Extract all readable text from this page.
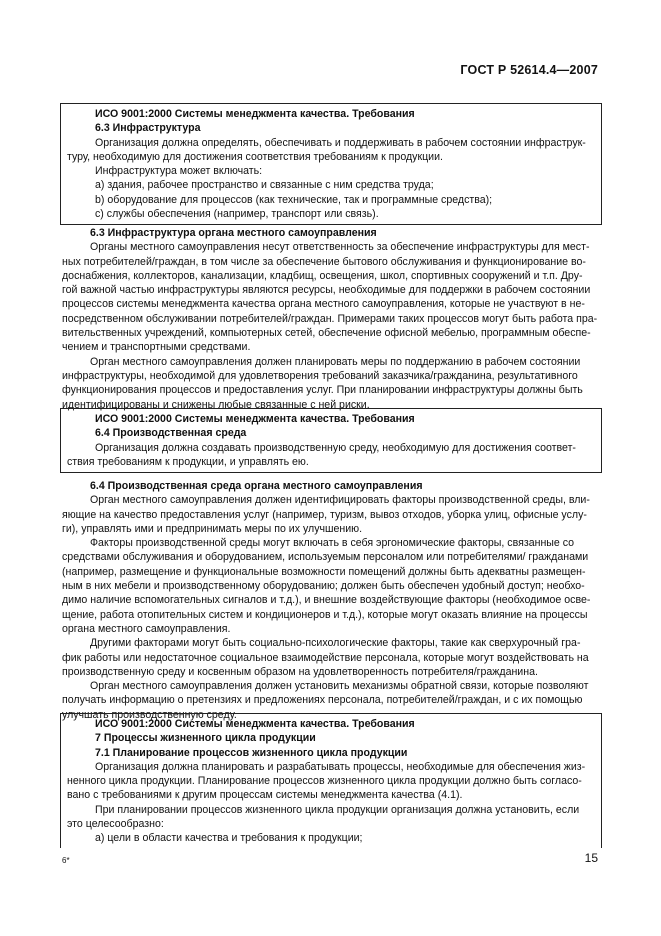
ГОСТ Р 52614.4—2007
ИСО 9001:2000 Системы менеджмента качества. Требования
6.3 Инфраструктура
Организация должна определять, обеспечивать и поддерживать в рабочем состоянии инфраструк-
туру, необходимую для достижения соответствия требованиям к продукции.
Инфраструктура может включать:
а) здания, рабочее пространство и связанные с ним средства труда;
b) оборудование для процессов (как технические, так и программные средства);
с) службы обеспечения (например, транспорт или связь).
6.3 Инфраструктура органа местного самоуправления
Органы местного самоуправления несут ответственность за обеспечение инфраструктуры для мест-
ных потребителей/граждан, в том числе за обеспечение бытового обслуживания и функционирование во-
доснабжения, коллекторов, канализации, кладбищ, освещения, школ, спортивных сооружений и т.п. Дру-
гой важной частью инфраструктуры являются ресурсы, необходимые для поддержки в рабочем состоянии
процессов системы менеджмента качества органа местного самоуправления, которые не участвуют в не-
посредственном обслуживании потребителей/граждан. Примерами таких процессов могут быть работа пра-
вительственных учреждений, компьютерных сетей, обеспечение офисной мебелью, программным обеспе-
чением и транспортными средствами.
Орган местного самоуправления должен планировать меры по поддержанию в рабочем состоянии
инфраструктуры, необходимой для удовлетворения требований заказчика/гражданина, результативного
функционирования процессов и предоставления услуг. При планировании инфраструктуры должны быть
идентифицированы и снижены любые связанные с ней риски.
ИСО 9001:2000 Системы менеджмента качества. Требования
6.4 Производственная среда
Организация должна создавать производственную среду, необходимую для достижения соответ-
ствия требованиям к продукции, и управлять ею.
6.4 Производственная среда органа местного самоуправления
Орган местного самоуправления должен идентифицировать факторы производственной среды, вли-
яющие на качество предоставления услуг (например, туризм, вывоз отходов, уборка улиц, офисные услу-
ги), управлять ими и предпринимать меры по их улучшению.
Факторы производственной среды могут включать в себя эргономические факторы, связанные со
средствами обслуживания и оборудованием, используемым персоналом или потребителями/ гражданами
(например, размещение и функциональные возможности помещений должны быть адекватны размещен-
ным в них мебели и производственному оборудованию; должен быть обеспечен удобный доступ; необхо-
димо наличие вспомогательных сигналов и т.д.), и внешние воздействующие факторы (необходимое осве-
щение, работа отопительных систем и кондиционеров и т.д.), которые могут оказать влияние на процессы
органа местного самоуправления.
Другими факторами могут быть социально-психологические факторы, такие как сверхурочный гра-
фик работы или недостаточное социальное взаимодействие персонала, которые могут воздействовать на
производственную среду и косвенным образом на удовлетворенность потребителя/гражданина.
Орган местного самоуправления должен установить механизмы обратной связи, которые позволяют
получать информацию о претензиях и предложениях персонала, потребителей/граждан, и с их помощью
улучшать производственную среду.
ИСО 9001:2000 Системы менеджмента качества. Требования
7 Процессы жизненного цикла продукции
7.1 Планирование процессов жизненного цикла продукции
Организация должна планировать и разрабатывать процессы, необходимые для обеспечения жиз-
ненного цикла продукции. Планирование процессов жизненного цикла продукции должно быть согласо-
вано с требованиями к другим процессам системы менеджмента качества (4.1).
При планировании процессов жизненного цикла продукции организация должна установить, если
это целесообразно:
а) цели в области качества и требования к продукции;
6*	15
